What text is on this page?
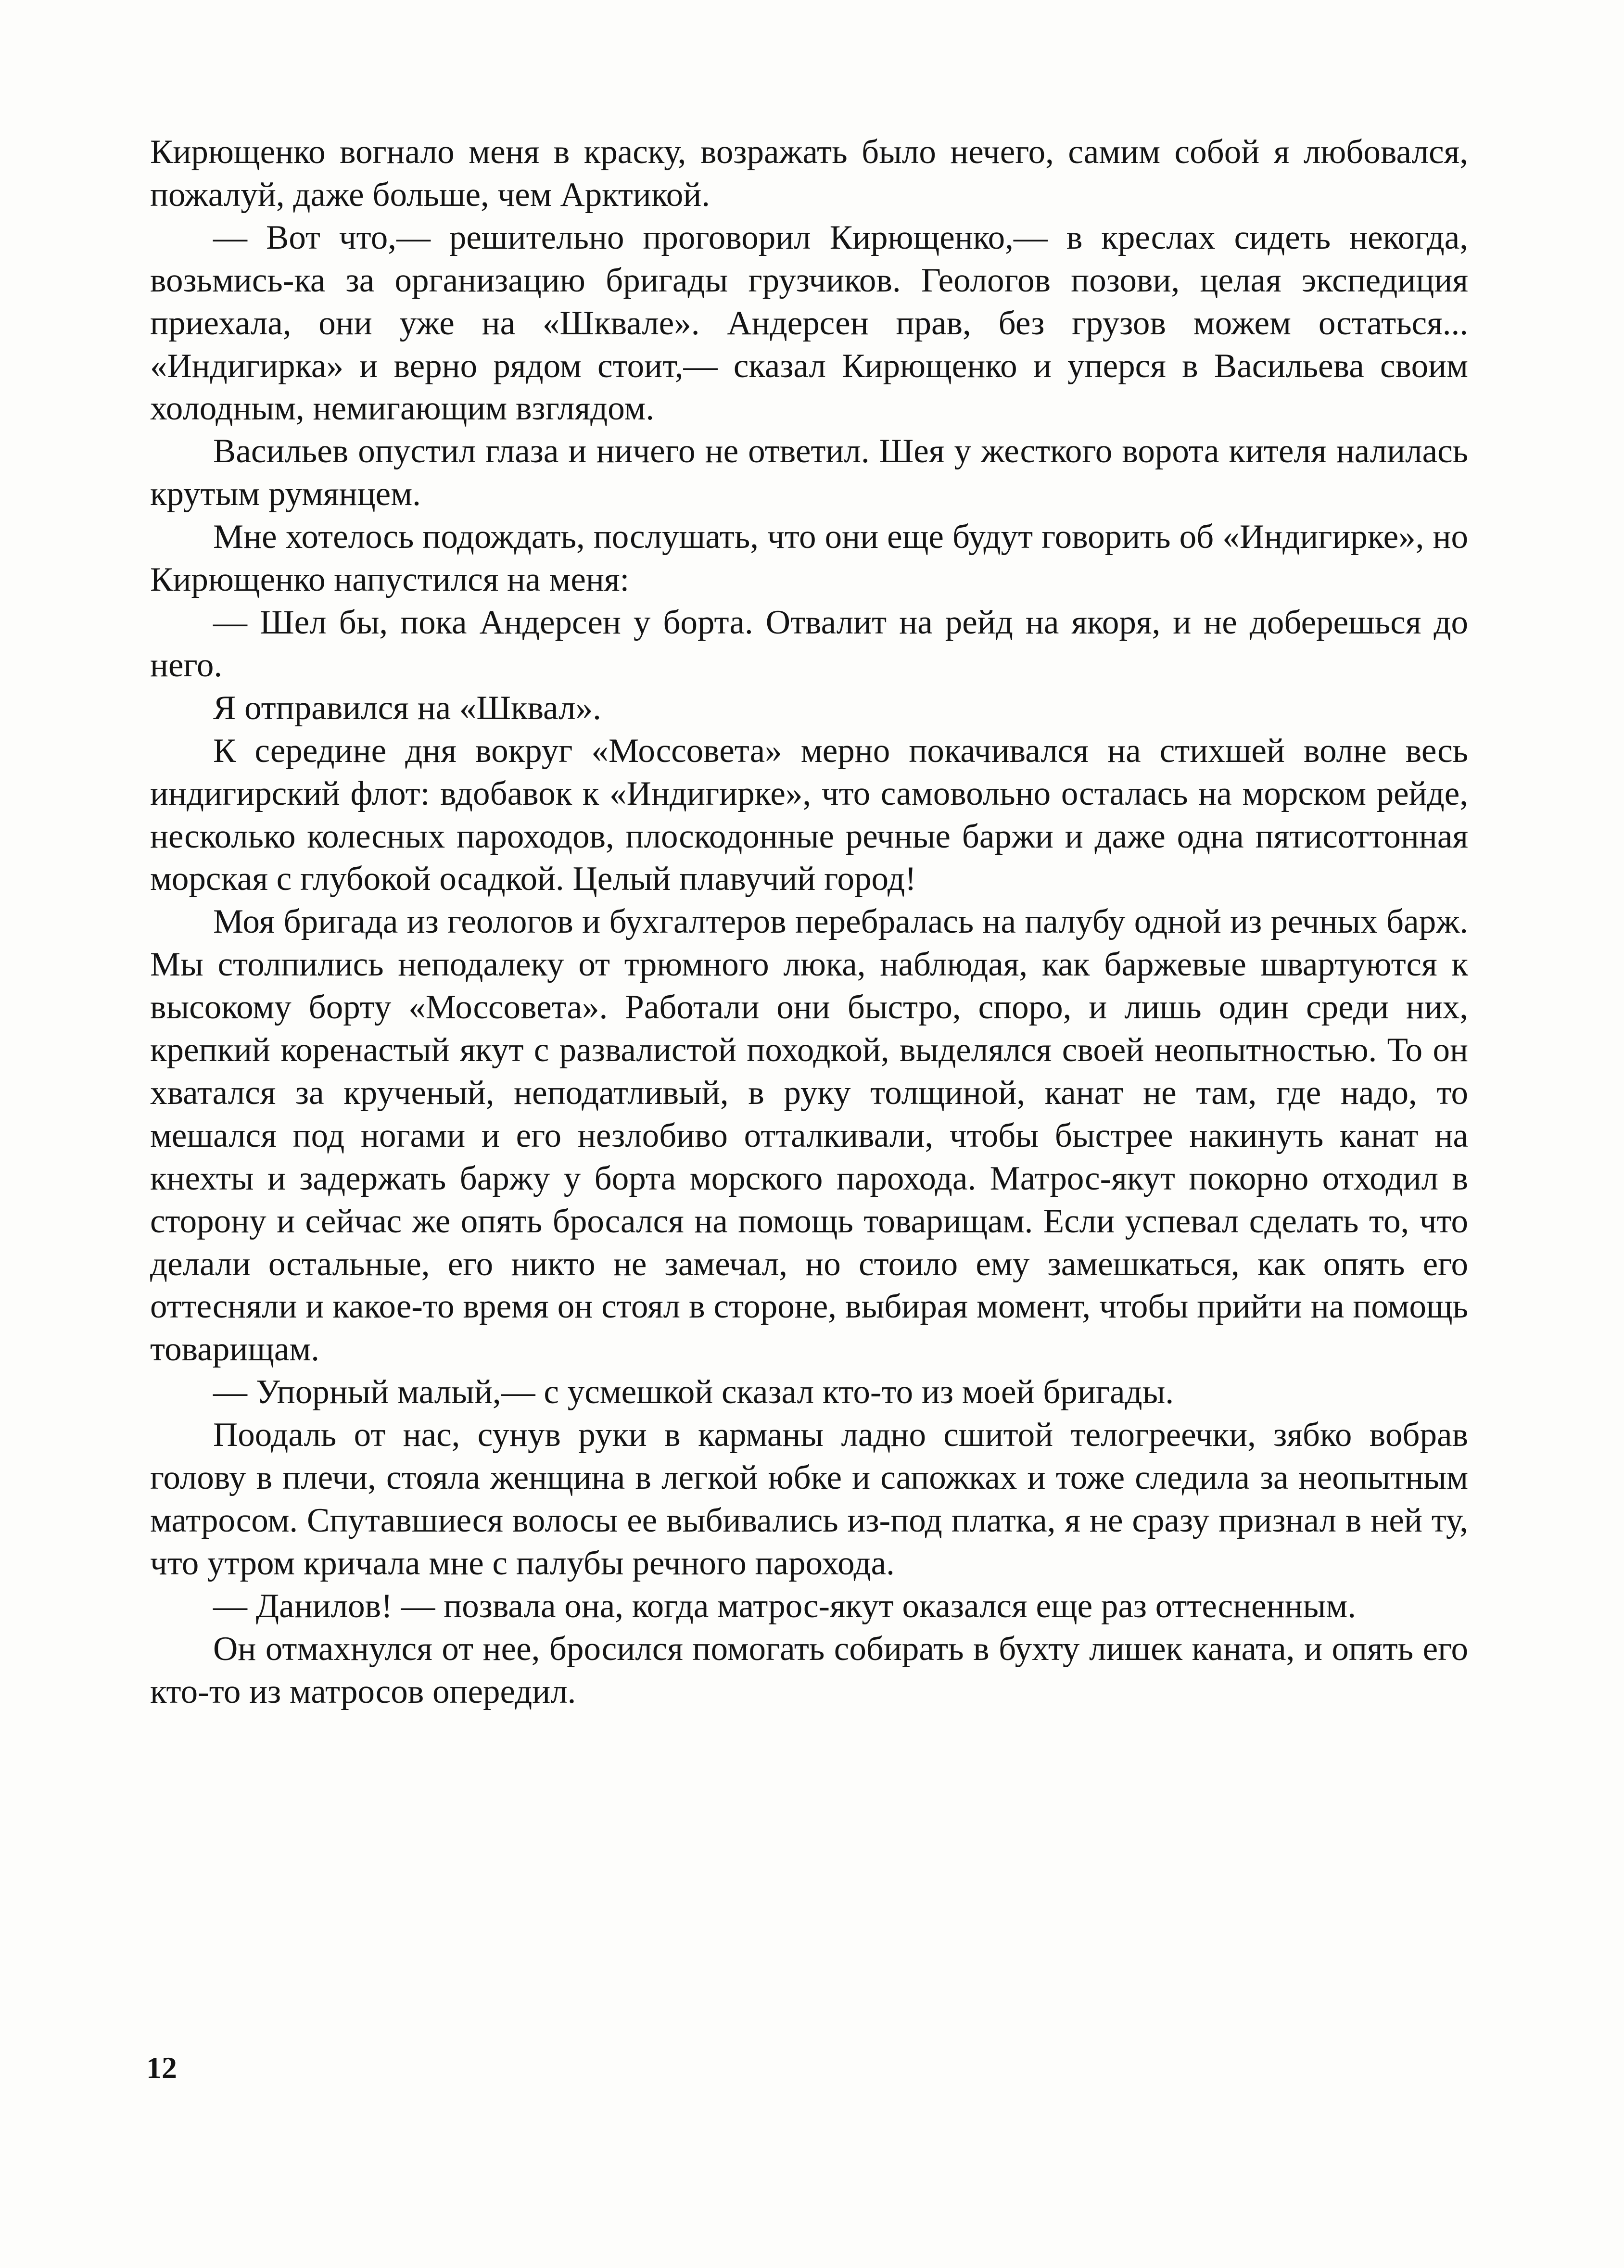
Кирющенко вогнало меня в краску, возражать было нечего, самим собой я любовался, пожалуй, даже больше, чем Арктикой.

— Вот что,— решительно проговорил Кирющенко,— в креслах сидеть некогда, возьмись-ка за организацию бригады грузчиков. Геологов позови, целая экспедиция приехала, они уже на «Шквале». Андерсен прав, без грузов можем остаться... «Индигирка» и верно рядом стоит,— сказал Кирющенко и уперся в Васильева своим холодным, немигающим взглядом.

Васильев опустил глаза и ничего не ответил. Шея у жесткого ворота кителя налилась крутым румянцем.

Мне хотелось подождать, послушать, что они еще будут говорить об «Индигирке», но Кирющенко напустился на меня:

— Шел бы, пока Андерсен у борта. Отвалит на рейд на якоря, и не доберешься до него.

Я отправился на «Шквал».

К середине дня вокруг «Моссовета» мерно покачивался на стихшей волне весь индигирский флот: вдобавок к «Индигирке», что самовольно осталась на морском рейде, несколько колесных пароходов, плоскодонные речные баржи и даже одна пятисоттонная морская с глубокой осадкой. Целый плавучий город!

Моя бригада из геологов и бухгалтеров перебралась на палубу одной из речных барж. Мы столпились неподалеку от трюмного люка, наблюдая, как баржевые швартуются к высокому борту «Моссовета». Работали они быстро, споро, и лишь один среди них, крепкий коренастый якут с развалистой походкой, выделялся своей неопытностью. То он хватался за крученый, неподатливый, в руку толщиной, канат не там, где надо, то мешался под ногами и его незлобиво отталкивали, чтобы быстрее накинуть канат на кнехты и задержать баржу у борта морского парохода. Матрос-якут покорно отходил в сторону и сейчас же опять бросался на помощь товарищам. Если успевал сделать то, что делали остальные, его никто не замечал, но стоило ему замешкаться, как опять его оттесняли и какое-то время он стоял в стороне, выбирая момент, чтобы прийти на помощь товарищам.

— Упорный малый,— с усмешкой сказал кто-то из моей бригады.

Поодаль от нас, сунув руки в карманы ладно сшитой телогреечки, зябко вобрав голову в плечи, стояла женщина в легкой юбке и сапожках и тоже следила за неопытным матросом. Спутавшиеся волосы ее выбивались из-под платка, я не сразу признал в ней ту, что утром кричала мне с палубы речного парохода.

— Данилов! — позвала она, когда матрос-якут оказался еще раз оттесненным.

Он отмахнулся от нее, бросился помогать собирать в бухту лишек каната, и опять его кто-то из матросов опередил.

12
